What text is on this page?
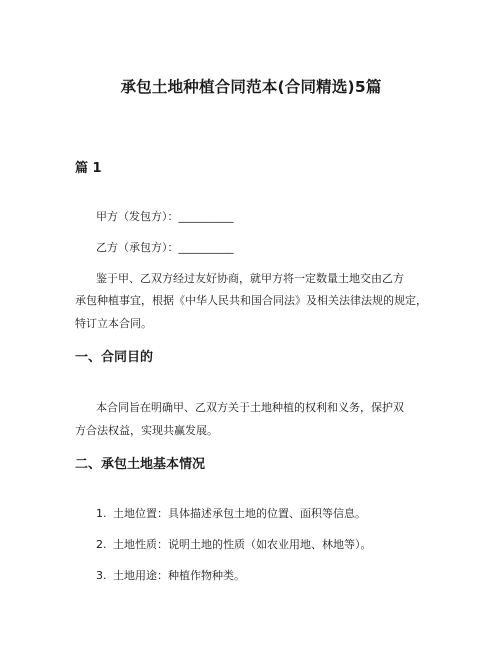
承包土地种植合同范本(合同精选)5篇
篇 1

甲方（发包方）：__________

乙方（承包方）：__________

鉴于甲、乙双方经过友好协商，就甲方将一定数量土地交由乙方

承包种植事宜，根据《中华人民共和国合同法》及相关法律法规的规定，

特订立本合同。

一、合同目的

本合同旨在明确甲、乙双方关于土地种植的权利和义务，保护双

方合法权益，实现共赢发展。

二、承包土地基本情况

1. 土地位置：具体描述承包土地的位置、面积等信息。

2. 土地性质：说明土地的性质（如农业用地、林地等）。

3. 土地用途：种植作物种类。
